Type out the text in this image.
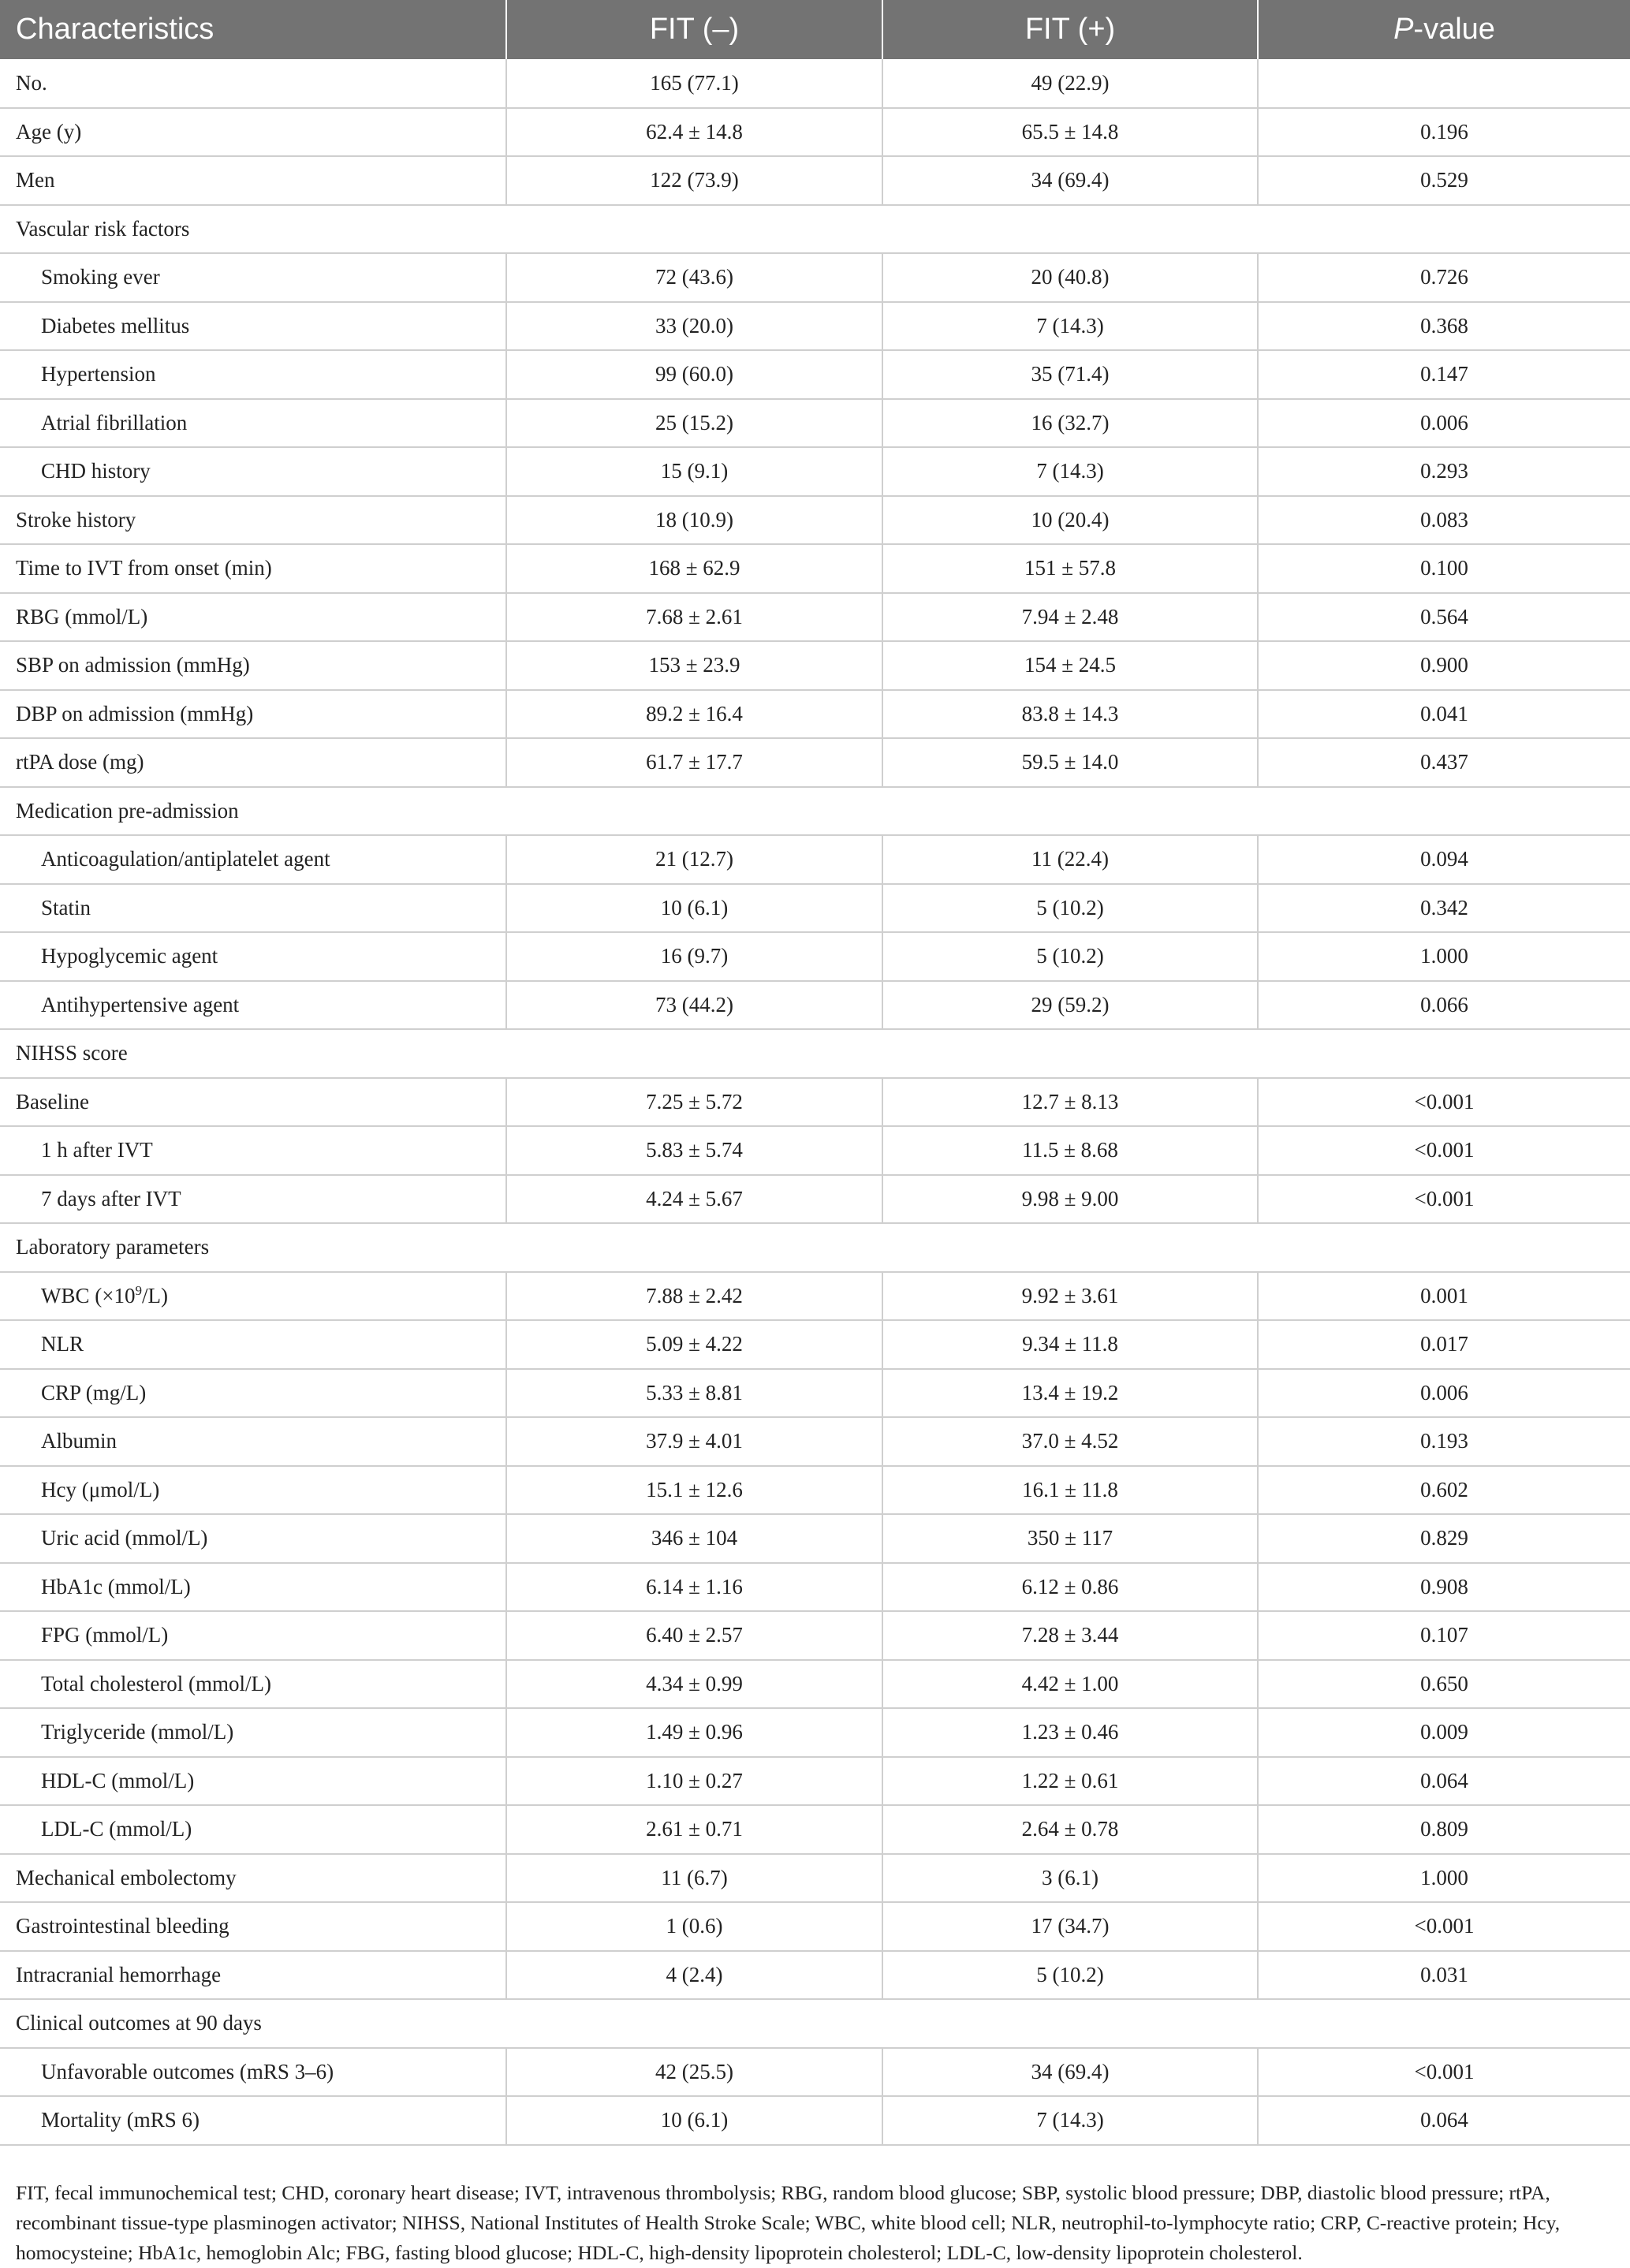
Characteristics	FIT (–)	FIT (+)	P-value
No.	165 (77.1)	49 (22.9)	
Age (y)	62.4 ± 14.8	65.5 ± 14.8	0.196
Men	122 (73.9)	34 (69.4)	0.529
Vascular risk factors			
Smoking ever	72 (43.6)	20 (40.8)	0.726
Diabetes mellitus	33 (20.0)	7 (14.3)	0.368
Hypertension	99 (60.0)	35 (71.4)	0.147
Atrial fibrillation	25 (15.2)	16 (32.7)	0.006
CHD history	15 (9.1)	7 (14.3)	0.293
Stroke history	18 (10.9)	10 (20.4)	0.083
Time to IVT from onset (min)	168 ± 62.9	151 ± 57.8	0.100
RBG (mmol/L)	7.68 ± 2.61	7.94 ± 2.48	0.564
SBP on admission (mmHg)	153 ± 23.9	154 ± 24.5	0.900
DBP on admission (mmHg)	89.2 ± 16.4	83.8 ± 14.3	0.041
rtPA dose (mg)	61.7 ± 17.7	59.5 ± 14.0	0.437
Medication pre-admission			
Anticoagulation/antiplatelet agent	21 (12.7)	11 (22.4)	0.094
Statin	10 (6.1)	5 (10.2)	0.342
Hypoglycemic agent	16 (9.7)	5 (10.2)	1.000
Antihypertensive agent	73 (44.2)	29 (59.2)	0.066
NIHSS score			
Baseline	7.25 ± 5.72	12.7 ± 8.13	<0.001
1 h after IVT	5.83 ± 5.74	11.5 ± 8.68	<0.001
7 days after IVT	4.24 ± 5.67	9.98 ± 9.00	<0.001
Laboratory parameters			
WBC $(\times 10^9/L)$	7.88 ± 2.42	9.92 ± 3.61	0.001
NLR	5.09 ± 4.22	9.34 ± 11.8	0.017
CRP (mg/L)	5.33 ± 8.81	13.4 ± 19.2	0.006
Albumin	37.9 ± 4.01	37.0 ± 4.52	0.193
Hcy (μmol/L)	15.1 ± 12.6	16.1 ± 11.8	0.602
Uric acid (mmol/L)	346 ± 104	350 ± 117	0.829
HbA1c (mmol/L)	6.14 ± 1.16	6.12 ± 0.86	0.908
FPG (mmol/L)	6.40 ± 2.57	7.28 ± 3.44	0.107
Total cholesterol (mmol/L)	4.34 ± 0.99	4.42 ± 1.00	0.650
Triglyceride (mmol/L)	1.49 ± 0.96	1.23 ± 0.46	0.009
HDL-C (mmol/L)	1.10 ± 0.27	1.22 ± 0.61	0.064
LDL-C (mmol/L)	2.61 ± 0.71	2.64 ± 0.78	0.809
Mechanical embolectomy	11 (6.7)	3 (6.1)	1.000
Gastrointestinal bleeding	1 (0.6)	17 (34.7)	<0.001
Intracranial hemorrhage	4 (2.4)	5 (10.2)	0.031
Clinical outcomes at 90 days			
Unfavorable outcomes (mRS 3–6)	42 (25.5)	34 (69.4)	<0.001
Mortality (mRS 6)	10 (6.1)	7 (14.3)	0.064
FIT, fecal immunochemical test; CHD, coronary heart disease; IVT, intravenous thrombolysis; RBG, random blood glucose; SBP, systolic blood pressure; DBP, diastolic blood pressure; rtPA, recombinant tissue-type plasminogen activator; NIHSS, National Institutes of Health Stroke Scale; WBC, white blood cell; NLR, neutrophil-to-lymphocyte ratio; CRP, C-reactive protein; Hcy, homocysteine; HbA1c, hemoglobin Alc; FBG, fasting blood glucose; HDL-C, high-density lipoprotein cholesterol; LDL-C, low-density lipoprotein cholesterol.
